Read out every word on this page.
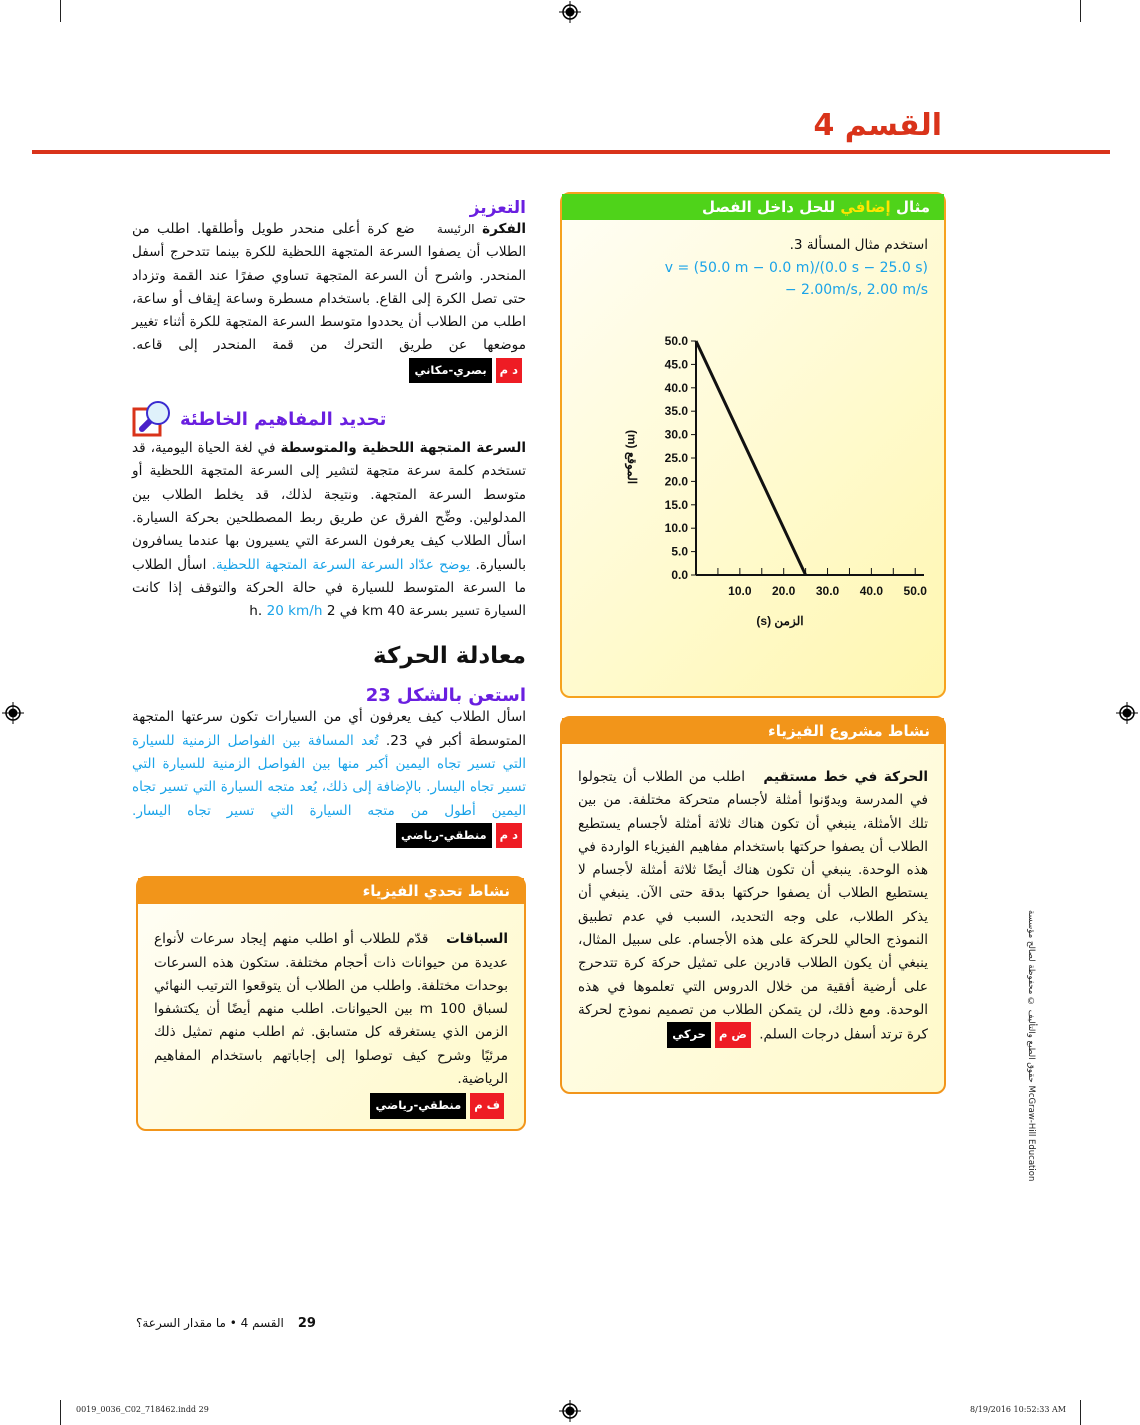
القسم 4
التعزيز
الفكرة الرئيسة   ضع كرة أعلى منحدر طويل وأطلقها. اطلب من الطلاب أن يصفوا السرعة المتجهة اللحظية للكرة بينما تتدحرج أسفل المنحدر. واشرح أن السرعة المتجهة تساوي صفرًا عند القمة وتزداد حتى تصل الكرة إلى القاع. باستخدام مسطرة وساعة إيقاف أو ساعة، اطلب من الطلاب أن يحددوا متوسط السرعة المتجهة للكرة أثناء تغيير موضعها عن طريق التحرك من قمة المنحدر إلى قاعه.
د م
بصري-مكاني
تحديد المفاهيم الخاطئة
السرعة المتجهة اللحظية والمتوسطة في لغة الحياة اليومية، قد تستخدم كلمة سرعة متجهة لتشير إلى السرعة المتجهة اللحظية أو متوسط السرعة المتجهة. ونتيجة لذلك، قد يخلط الطلاب بين المدلولين. وضِّح الفرق عن طريق ربط المصطلحين بحركة السيارة. اسأل الطلاب كيف يعرفون السرعة التي يسيرون بها عندما يسافرون بالسيارة. يوضح عدّاد السرعة السرعة المتجهة اللحظية. اسأل الطلاب ما السرعة المتوسط للسيارة في حالة الحركة والتوقف إذا كانت السيارة تسير بسرعة 40 km في 2 h. 20 km/h
معادلة الحركة
استعن بالشكل 23
اسأل الطلاب كيف يعرفون أي من السيارات تكون سرعتها المتجهة المتوسطة أكبر في 23. تُعد المسافة بين الفواصل الزمنية للسيارة التي تسير تجاه اليمين أكبر منها بين الفواصل الزمنية للسيارة التي تسير تجاه اليسار. بالإضافة إلى ذلك، يُعد متجه السيارة التي تسير تجاه اليمين أطول من متجه السيارة التي تسير تجاه اليسار.
د م
منطقي-رياضي
نشاط تحدي الفيزياء
السباقات   قدّم للطلاب أو اطلب منهم إيجاد سرعات لأنواع عديدة من حيوانات ذات أحجام مختلفة. ستكون هذه السرعات بوحدات مختلفة. واطلب من الطلاب أن يتوقعوا الترتيب النهائي لسباق 100 m بين الحيوانات. اطلب منهم أيضًا أن يكتشفوا الزمن الذي يستغرقه كل متسابق. ثم اطلب منهم تمثيل ذلك مرئيًا وشرح كيف توصلوا إلى إجاباتهم باستخدام المفاهيم الرياضية.
ف م
منطقي-رياضي
مثال إضافي للحل داخل الفصل
استخدم مثال المسألة 3.
v = (50.0 m − 0.0 m)/(0.0 s − 25.0 s)
− 2.00m/s, 2.00 m/s
0.0
5.0
10.0
15.0
20.0
25.0
30.0
35.0
40.0
45.0
50.0
10.0 20.0 30.0 40.0 50.0
الزمن (s)
الموقع (m)
نشاط مشروع الفيزياء
الحركة في خط مستقيم   اطلب من الطلاب أن يتجولوا في المدرسة ويدوّنوا أمثلة لأجسام متحركة مختلفة. من بين تلك الأمثلة، ينبغي أن تكون هناك ثلاثة أمثلة لأجسام يستطيع الطلاب أن يصفوا حركتها باستخدام مفاهيم الفيزياء الواردة في هذه الوحدة. ينبغي أن تكون هناك أيضًا ثلاثة أمثلة لأجسام لا يستطيع الطلاب أن يصفوا حركتها بدقة حتى الآن. ينبغي أن يذكر الطلاب، على وجه التحديد، السبب في عدم تطبيق النموذج الحالي للحركة على هذه الأجسام. على سبيل المثال، ينبغي أن يكون الطلاب قادرين على تمثيل حركة كرة تتدحرج على أرضية أفقية من خلال الدروس التي تعلموها في هذه الوحدة. ومع ذلك، لن يتمكن الطلاب من تصميم نموذج لحركة كرة ترتد أسفل درجات السلم.
ض م
حركي	حقوق الطبع والتأليف © محفوظة لصالح مؤسسة McGraw-Hill Education
29
القسم 4 • ما مقدار السرعة؟
0019_0036_C02_718462.indd 29	8/19/2016 10:52:33 AM
